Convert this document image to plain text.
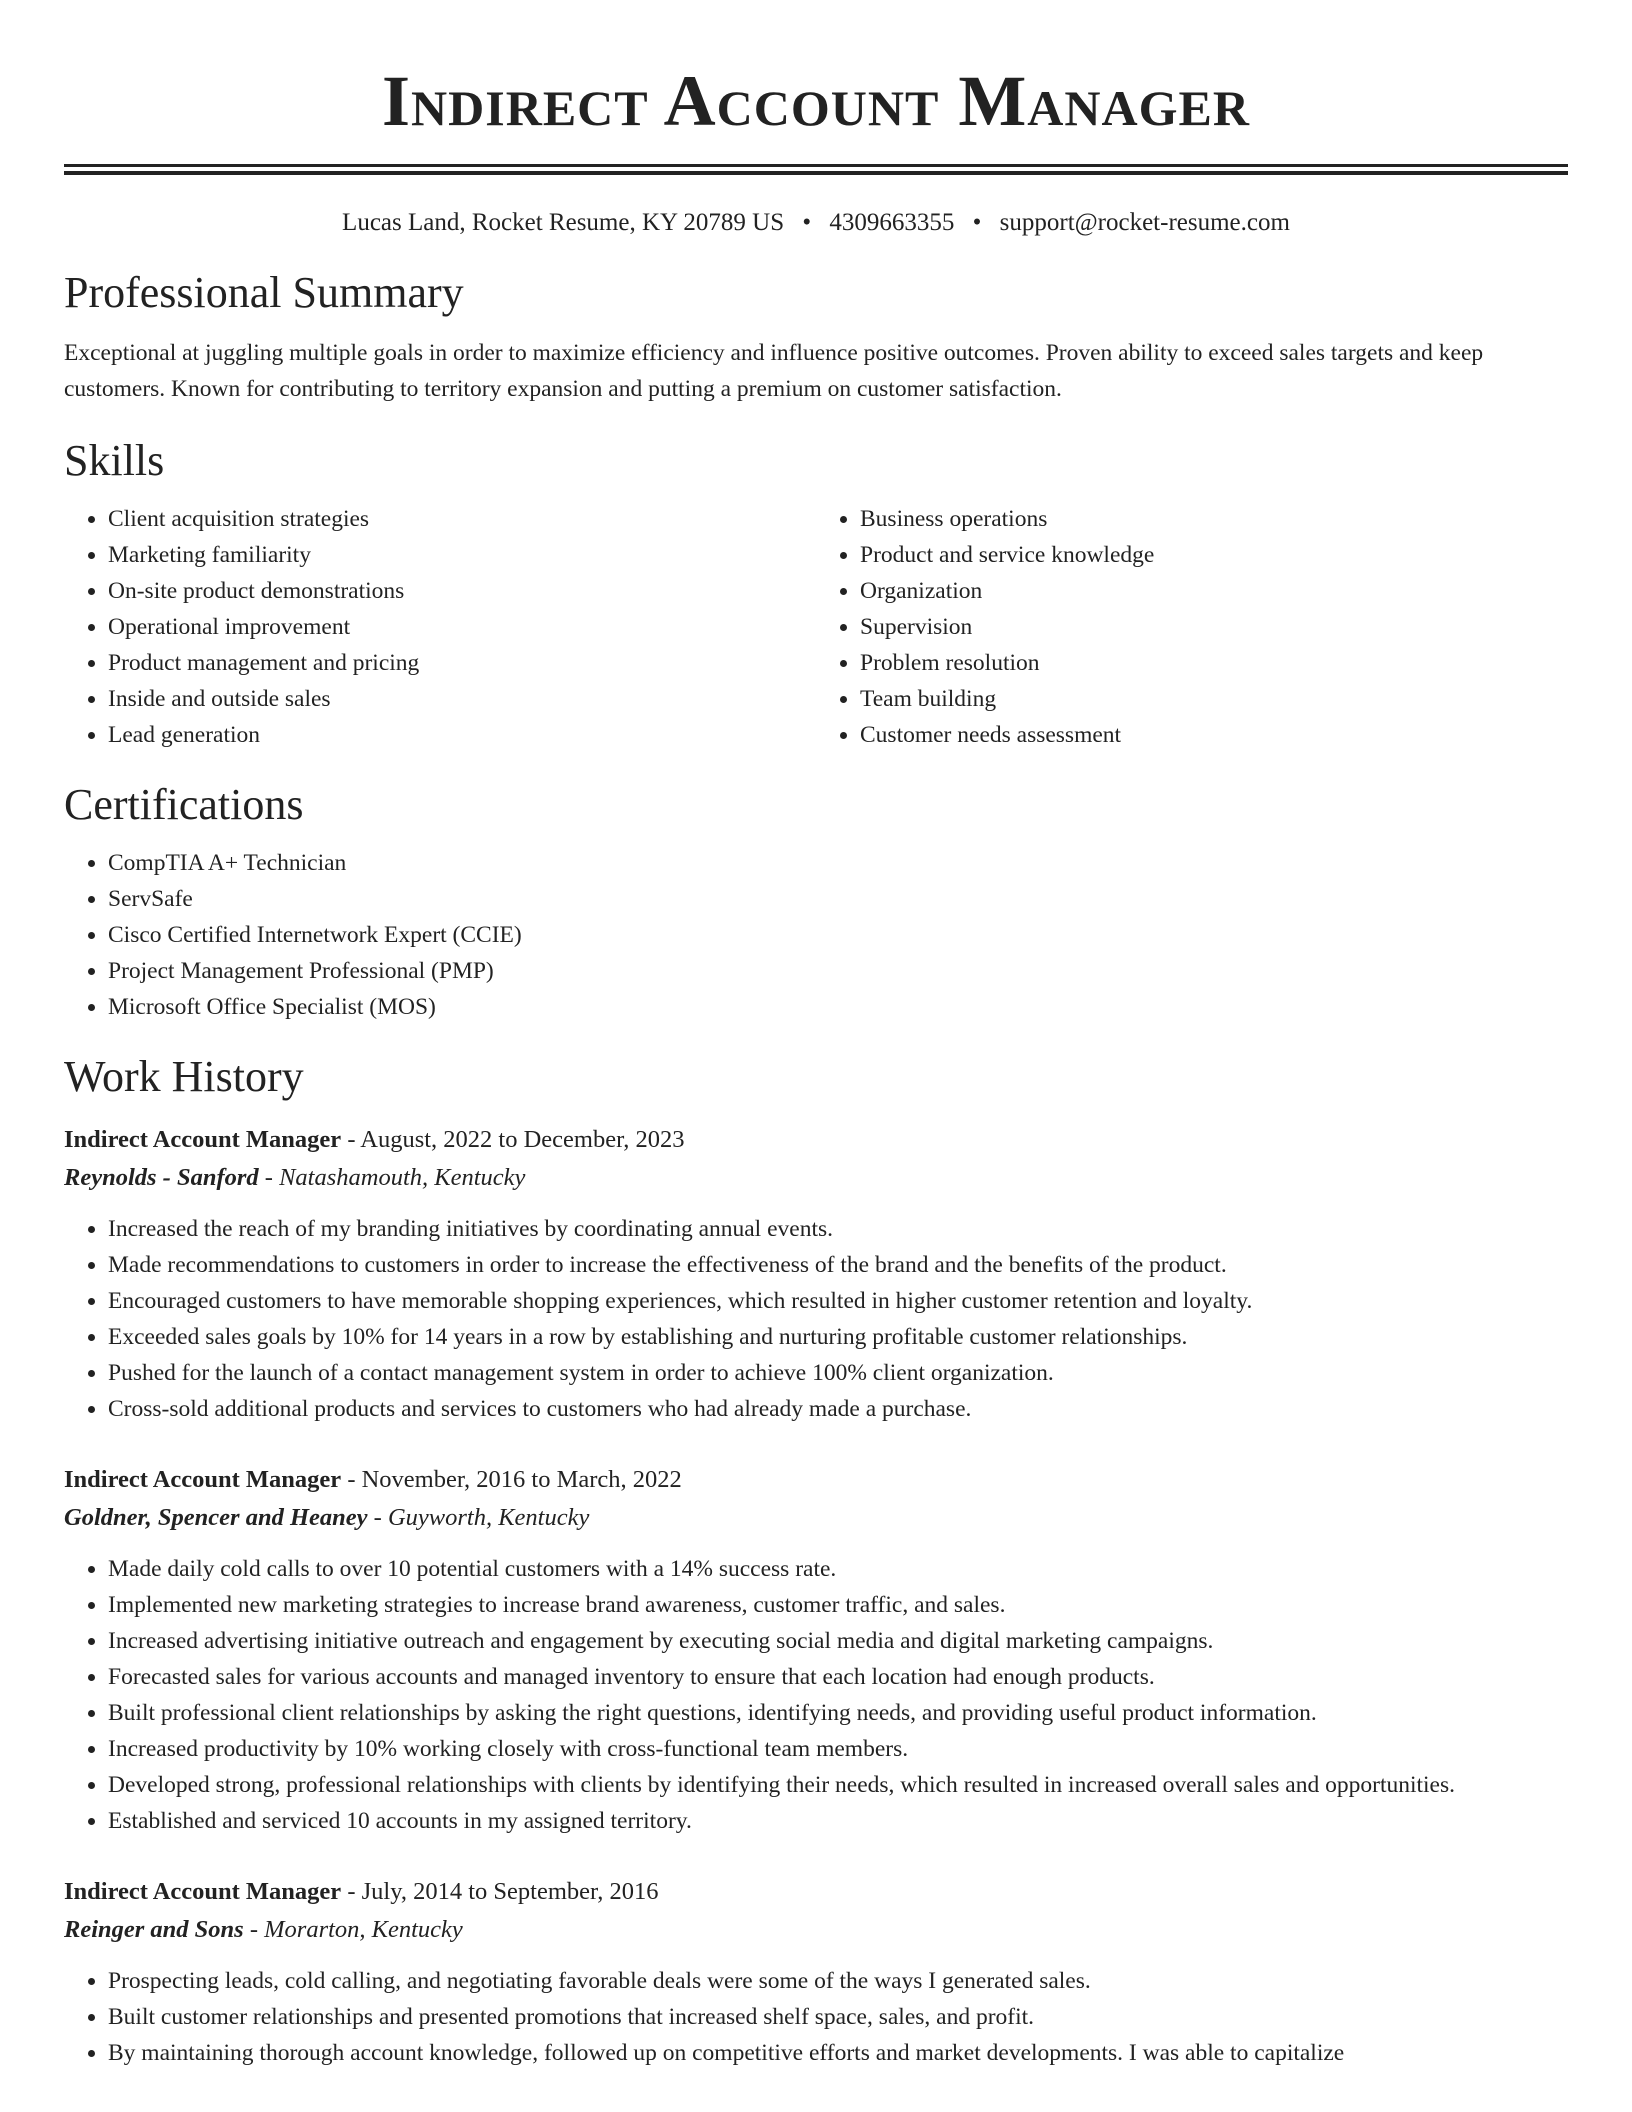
Indirect Account Manager
Lucas Land, Rocket Resume, KY 20789 US • 4309663355 • support@rocket-resume.com
Professional Summary

Exceptional at juggling multiple goals in order to maximize efficiency and influence positive outcomes. Proven ability to exceed sales targets and keep customers. Known for contributing to territory expansion and putting a premium on customer satisfaction.

Skills
• Client acquisition strategies
• Marketing familiarity
• On-site product demonstrations
• Operational improvement
• Product management and pricing
• Inside and outside sales
• Lead generation
• Business operations
• Product and service knowledge
• Organization
• Supervision
• Problem resolution
• Team building
• Customer needs assessment
Certifications
• CompTIA A+ Technician
• ServSafe
• Cisco Certified Internetwork Expert (CCIE)
• Project Management Professional (PMP)
• Microsoft Office Specialist (MOS)
Work History
Indirect Account Manager - August, 2022 to December, 2023
Reynolds - Sanford - Natashamouth, Kentucky
• Increased the reach of my branding initiatives by coordinating annual events.
• Made recommendations to customers in order to increase the effectiveness of the brand and the benefits of the product.
• Encouraged customers to have memorable shopping experiences, which resulted in higher customer retention and loyalty.
• Exceeded sales goals by 10% for 14 years in a row by establishing and nurturing profitable customer relationships.
• Pushed for the launch of a contact management system in order to achieve 100% client organization.
• Cross-sold additional products and services to customers who had already made a purchase.
Indirect Account Manager - November, 2016 to March, 2022
Goldner, Spencer and Heaney - Guyworth, Kentucky
• Made daily cold calls to over 10 potential customers with a 14% success rate.
• Implemented new marketing strategies to increase brand awareness, customer traffic, and sales.
• Increased advertising initiative outreach and engagement by executing social media and digital marketing campaigns.
• Forecasted sales for various accounts and managed inventory to ensure that each location had enough products.
• Built professional client relationships by asking the right questions, identifying needs, and providing useful product information.
• Increased productivity by 10% working closely with cross-functional team members.
• Developed strong, professional relationships with clients by identifying their needs, which resulted in increased overall sales and opportunities.
• Established and serviced 10 accounts in my assigned territory.
Indirect Account Manager - July, 2014 to September, 2016
Reinger and Sons - Morarton, Kentucky
• Prospecting leads, cold calling, and negotiating favorable deals were some of the ways I generated sales.
• Built customer relationships and presented promotions that increased shelf space, sales, and profit.
• By maintaining thorough account knowledge, followed up on competitive efforts and market developments. I was able to capitalize
